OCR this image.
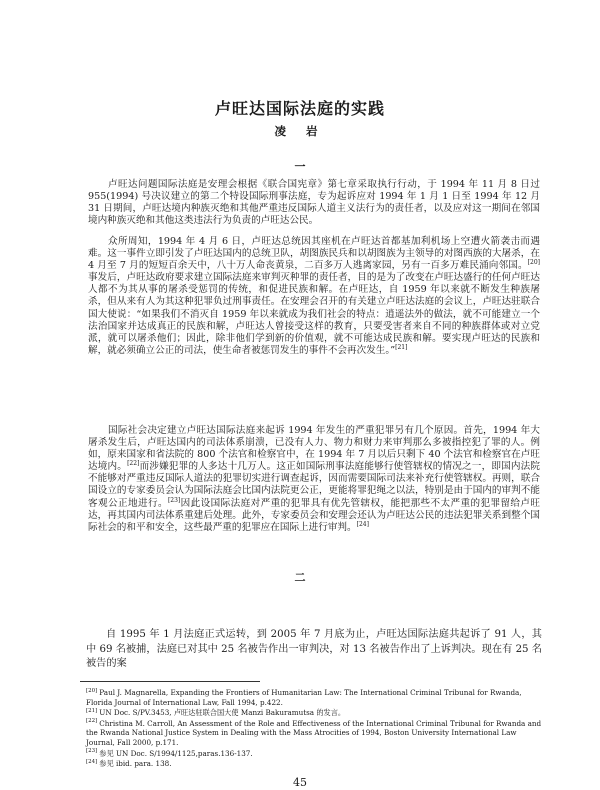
卢旺达国际法庭的实践
凌 岩
一

卢旺达问题国际法庭是安理会根据《联合国宪章》第七章采取执行行动，于 1994 年 11 月 8 日过 955(1994) 号决议建立的第二个特设国际刑事法庭，专为起诉应对 1994 年 1 月 1 日至 1994 年 12 月 31 日期间，卢旺达境内种族灭绝和其他严重违反国际人道主义法行为的责任者，以及应对这一期间在邻国境内种族灭绝和其他这类违法行为负责的卢旺达公民。

众所周知，1994 年 4 月 6 日，卢旺达总统因其座机在卢旺达首都基加利机场上空遭火箭袭击而遇难。这一事件立即引发了卢旺达国内的总统卫队，胡图族民兵和以胡图族为主领导的对图西族的大屠杀，在 4 月至 7 月的短短百余天中，八十万人命丧黄泉，二百多万人逃离家园，另有一百多万难民涌向邻国。[20]事发后，卢旺达政府要求建立国际法庭来审判灭种罪的责任者，目的是为了改变在卢旺达盛行的任何卢旺达人都不为其从事的屠杀受惩罚的传统，和促进民族和解。在卢旺达，自 1959 年以来就不断发生种族屠杀，但从来有人为其这种犯罪负过刑事责任。在安理会召开的有关建立卢旺达法庭的会议上，卢旺达驻联合国大使说：“如果我们不消灭自 1959 年以来就成为我们社会的特点：逍遥法外的做法，就不可能建立一个法治国家并达成真正的民族和解，卢旺达人曾接受这样的教育，只要受害者来自不同的种族群体或对立党派，就可以屠杀他们；因此，除非他们学到新的价值观，就不可能达成民族和解。要实现卢旺达的民族和解，就必须确立公正的司法，使生命者被惩罚发生的事件不会再次发生。”[21]

国际社会决定建立卢旺达国际法庭来起诉 1994 年发生的严重犯罪另有几个原因。首先，1994 年大屠杀发生后，卢旺达国内的司法体系崩溃，已没有人力、物力和财力来审判那么多被指控犯了罪的人。例如，原来国家和省法院的 800 个法官和检察官中，在 1994 年 7 月以后只剩下 40 个法官和检察官在卢旺达境内。[22]而涉嫌犯罪的人多达十几万人。这正如国际刑事法庭能够行使管辖权的情况之一，即国内法院不能够对严重违反国际人道法的犯罪切实进行调查起诉，因而需要国际司法来补充行使管辖权。再则，联合国设立的专家委员会认为国际法庭会比国内法院更公正，更能将罪犯绳之以法，特别是由于国内的审判不能客观公正地进行。[23]因此设国际法庭对严重的犯罪具有优先管辖权，能把那些不太严重的犯罪留给卢旺达，再其国内司法体系重建后处理。此外，专家委员会和安理会还认为卢旺达公民的违法犯罪关系到整个国际社会的和平和安全，这些最严重的犯罪应在国际上进行审判。[24]

二

自 1995 年 1 月法庭正式运转，到 2005 年 7 月底为止，卢旺达国际法庭共起诉了 91 人，其中 69 名被捕，法庭已对其中 25 名被告作出一审判决，对 13 名被告作出了上诉判决。现在有 25 名被告的案

[20] Paul J. Magnarella, Expanding the Frontiers of Humanitarian Law: The International Criminal Tribunal for Rwanda, Florida Journal of International Law, Fall 1994, p.422.

[21] UN Doc. S/PV.3453, 卢旺达驻联合国大使 Manzi Bakuramutsa 的发言。

[22] Christina M. Carroll, An Assessment of the Role and Effectiveness of the International Criminal Tribunal for Rwanda and the Rwanda National Justice System in Dealing with the Mass Atrocities of 1994, Boston University International Law Journal, Fall 2000, p.171.

[23] 参见 UN Doc. S/1994/1125,paras.136-137.

[24] 参见 ibid. para. 138.

45
